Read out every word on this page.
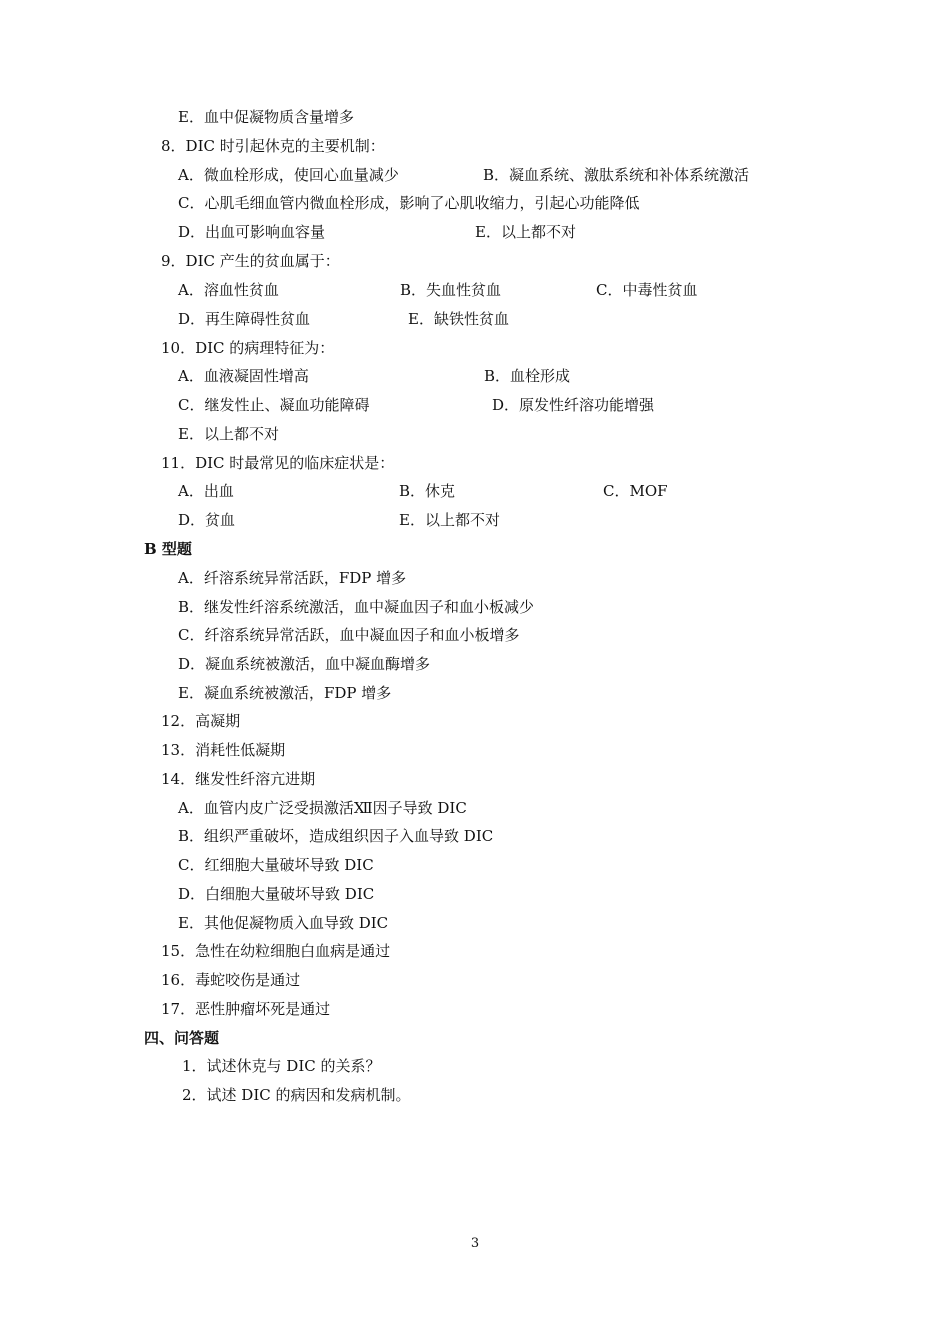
E．血中促凝物质含量增多
8．DIC 时引起休克的主要机制：
A．微血栓形成，使回心血量减少	B．凝血系统、激肽系统和补体系统激活
C．心肌毛细血管内微血栓形成，影响了心肌收缩力，引起心功能降低
D．出血可影响血容量	E．以上都不对
9．DIC 产生的贫血属于：
A．溶血性贫血	B．失血性贫血	C．中毒性贫血
D．再生障碍性贫血	E．缺铁性贫血
10．DIC 的病理特征为：
A．血液凝固性增高	B．血栓形成
C．继发性止、凝血功能障碍	D．原发性纤溶功能增强
E．以上都不对
11．DIC 时最常见的临床症状是：
A．出血	B．休克	C．MOF
D．贫血	E．以上都不对
B 型题
A．纤溶系统异常活跃，FDP 增多
B．继发性纤溶系统激活，血中凝血因子和血小板减少
C．纤溶系统异常活跃，血中凝血因子和血小板增多
D．凝血系统被激活，血中凝血酶增多
E．凝血系统被激活，FDP 增多
12．高凝期
13．消耗性低凝期
14．继发性纤溶亢进期
A．血管内皮广泛受损激活Ⅻ因子导致 DIC
B．组织严重破坏，造成组织因子入血导致 DIC
C．红细胞大量破坏导致 DIC
D．白细胞大量破坏导致 DIC
E．其他促凝物质入血导致 DIC
15．急性在幼粒细胞白血病是通过
16．毒蛇咬伤是通过
17．恶性肿瘤坏死是通过
四、问答题
1．试述休克与 DIC 的关系？
2．试述 DIC 的病因和发病机制。
3
